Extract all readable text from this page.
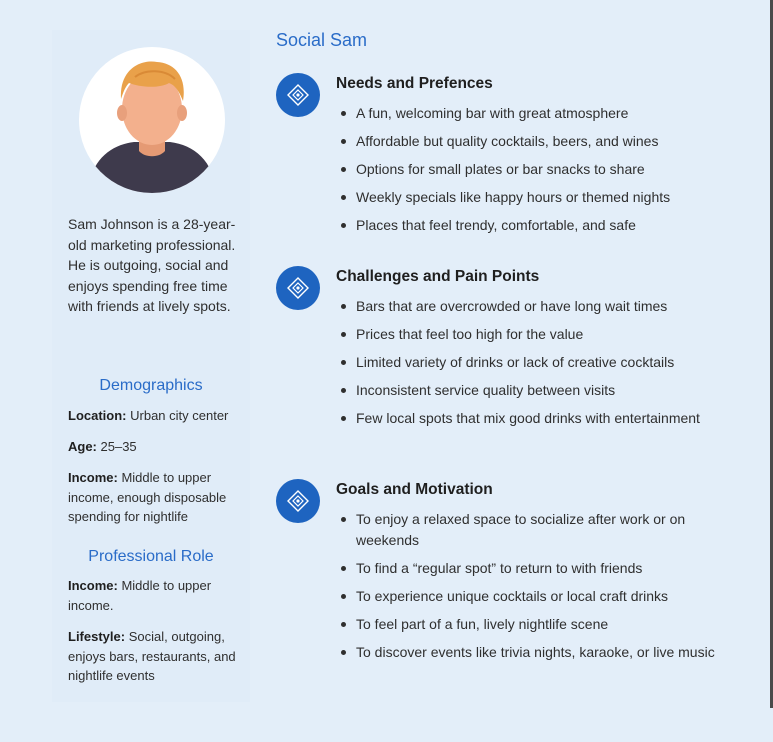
Sam Johnson is a 28-year-old marketing professional. He is outgoing, social and enjoys spending free time with friends at lively spots.
Demographics
Location: Urban city center
Age: 25–35
Income: Middle to upper income, enough disposable spending for nightlife
Professional Role
Income: Middle to upper income.
Lifestyle: Social, outgoing, enjoys bars, restaurants, and nightlife events
Social Sam
Needs and Prefences
A fun, welcoming bar with great atmosphere
Affordable but quality cocktails, beers, and wines
Options for small plates or bar snacks to share
Weekly specials like happy hours or themed nights
Places that feel trendy, comfortable, and safe
Challenges and Pain Points
Bars that are overcrowded or have long wait times
Prices that feel too high for the value
Limited variety of drinks or lack of creative cocktails
Inconsistent service quality between visits
Few local spots that mix good drinks with entertainment
Goals and Motivation
To enjoy a relaxed space to socialize after work or on weekends
To find a “regular spot” to return to with friends
To experience unique cocktails or local craft drinks
To feel part of a fun, lively nightlife scene
To discover events like trivia nights, karaoke, or live music
